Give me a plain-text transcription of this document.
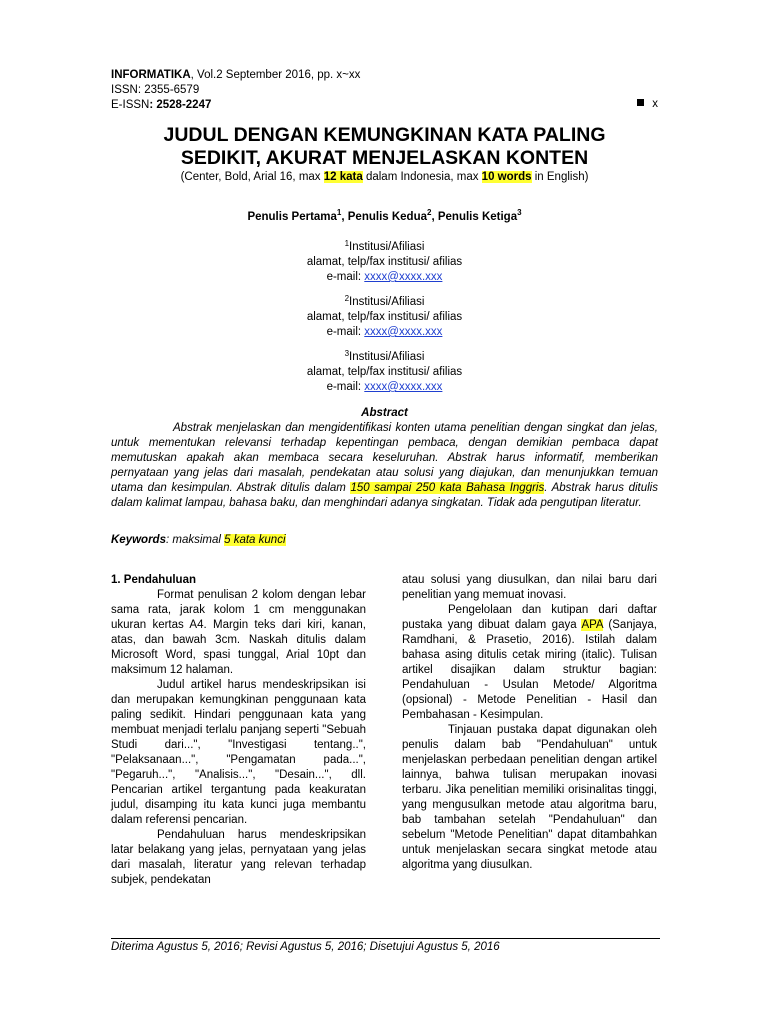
INFORMATIKA, Vol.2 September 2016, pp. x~xx
ISSN: 2355-6579
E-ISSN: 2528-2247	x
JUDUL DENGAN KEMUNGKINAN KATA PALING
SEDIKIT, AKURAT MENJELASKAN KONTEN
(Center, Bold, Arial 16, max 12 kata dalam Indonesia, max 10 words in English)
Penulis Pertama$^1$, Penulis Kedua$^2$, Penulis Ketiga$^3$
$^1$Institusi/Afiliasi
alamat, telp/fax institusi/ afilias
e-mail: xxxx@xxxx.xxx
$^2$Institusi/Afiliasi
alamat, telp/fax institusi/ afilias
e-mail: xxxx@xxxx.xxx
$^3$Institusi/Afiliasi
alamat, telp/fax institusi/ afilias
e-mail: xxxx@xxxx.xxx
Abstract
Abstrak menjelaskan dan mengidentifikasi konten utama penelitian dengan singkat dan jelas, untuk mementukan relevansi terhadap kepentingan pembaca, dengan demikian pembaca dapat memutuskan apakah akan membaca secara keseluruhan. Abstrak harus informatif, memberikan pernyataan yang jelas dari masalah, pendekatan atau solusi yang diajukan, dan menunjukkan temuan utama dan kesimpulan. Abstrak ditulis dalam 150 sampai 250 kata Bahasa Inggris. Abstrak harus ditulis dalam kalimat lampau, bahasa baku, dan menghindari adanya singkatan. Tidak ada pengutipan literatur.
Keywords: maksimal 5 kata kunci
1. Pendahuluan

Format penulisan 2 kolom dengan lebar sama rata, jarak kolom 1 cm menggunakan ukuran kertas A4. Margin teks dari kiri, kanan, atas, dan bawah 3cm. Naskah ditulis dalam Microsoft Word, spasi tunggal, Arial 10pt dan maksimum 12 halaman.

Judul artikel harus mendeskripsikan isi dan merupakan kemungkinan penggunaan kata paling sedikit. Hindari penggunaan kata yang membuat menjadi terlalu panjang seperti "Sebuah Studi dari...", "Investigasi tentang..", "Pelaksanaan...", "Pengamatan pada...", "Pegaruh...", "Analisis...", "Desain...", dll. Pencarian artikel tergantung pada keakuratan judul, disamping itu kata kunci juga membantu dalam referensi pencarian.

Pendahuluan harus mendeskripsikan latar belakang yang jelas, pernyataan yang jelas dari masalah, literatur yang relevan terhadap subjek, pendekatan

atau solusi yang diusulkan, dan nilai baru dari penelitian yang memuat inovasi.

Pengelolaan dan kutipan dari daftar pustaka yang dibuat dalam gaya APA (Sanjaya, Ramdhani, & Prasetio, 2016). Istilah dalam bahasa asing ditulis cetak miring (italic). Tulisan artikel disajikan dalam struktur bagian: Pendahuluan - Usulan Metode/ Algoritma (opsional) - Metode Penelitian - Hasil dan Pembahasan - Kesimpulan.

Tinjauan pustaka dapat digunakan oleh penulis dalam bab "Pendahuluan" untuk menjelaskan perbedaan penelitian dengan artikel lainnya, bahwa tulisan merupakan inovasi terbaru. Jika penelitian memiliki orisinalitas tinggi, yang mengusulkan metode atau algoritma baru, bab tambahan setelah "Pendahuluan" dan sebelum "Metode Penelitian" dapat ditambahkan untuk menjelaskan secara singkat metode atau algoritma yang diusulkan.

Diterima Agustus 5, 2016; Revisi Agustus 5, 2016; Disetujui Agustus 5, 2016
